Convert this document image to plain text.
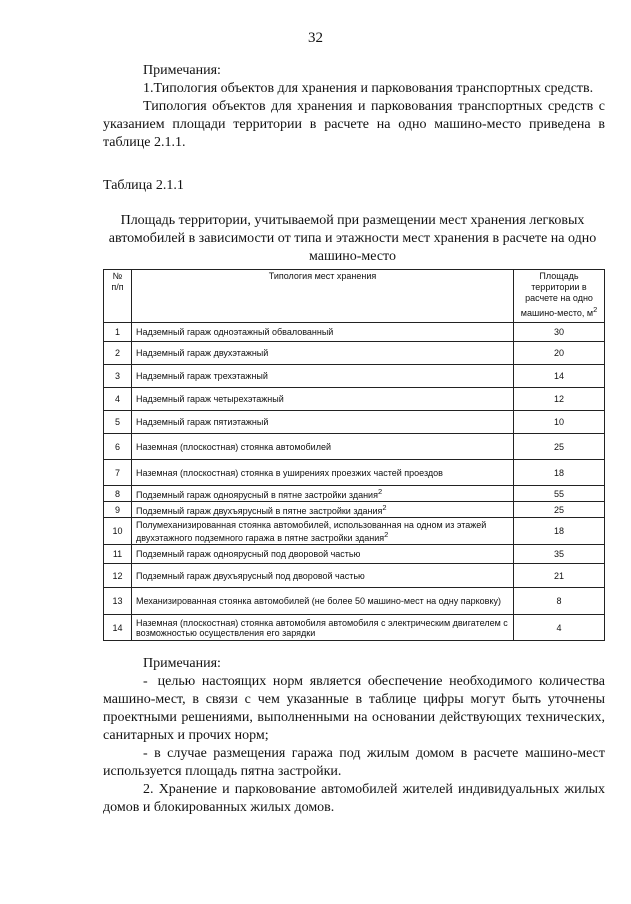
32

Примечания:

1.Типология объектов для хранения и парковования транспортных средств.

Типология объектов для хранения и парковования транспортных средств с указанием площади территории в расчете на одно машино-место приведена в таблице 2.1.1.

Таблица 2.1.1
Площадь территории, учитываемой при размещении мест хранения легковых автомобилей в зависимости от типа и этажности мест хранения в расчете на одно машино-место
№ п/п	Типология мест хранения	Площадь территории в расчете на одно машино-место, $м^2$
1	Надземный гараж одноэтажный обвалованный	30
2	Надземный гараж двухэтажный	20
3	Надземный гараж трехэтажный	14
4	Надземный гараж четырехэтажный	12
5	Надземный гараж пятиэтажный	10
6	Наземная (плоскостная) стоянка автомобилей	25
7	Наземная (плоскостная) стоянка в уширениях проезжих частей проездов	18
8	Подземный гараж одноярусный в пятне застройки здания$^2$	55
9	Подземный гараж двухъярусный в пятне застройки здания$^2$	25
10	Полумеханизированная стоянка автомобилей, использованная на одном из этажей двухэтажного подземного гаража в пятне застройки здания$^2$	18
11	Подземный гараж одноярусный под дворовой частью	35
12	Подземный гараж двухъярусный под дворовой частью	21
13	Механизированная стоянка автомобилей (не более 50 машино-мест на одну парковку)	8
14	Наземная (плоскостная) стоянка автомобиля автомобиля с электрическим двигателем с возможностью осуществления его зарядки	4

Примечания:

- целью настоящих норм является обеспечение необходимого количества машино-мест, в связи с чем указанные в таблице цифры могут быть уточнены проектными решениями, выполненными на основании действующих технических, санитарных и прочих норм;

- в случае размещения гаража под жилым домом в расчете машино-мест используется площадь пятна застройки.

2. Хранение и парковование автомобилей жителей индивидуальных жилых домов и блокированных жилых домов.
